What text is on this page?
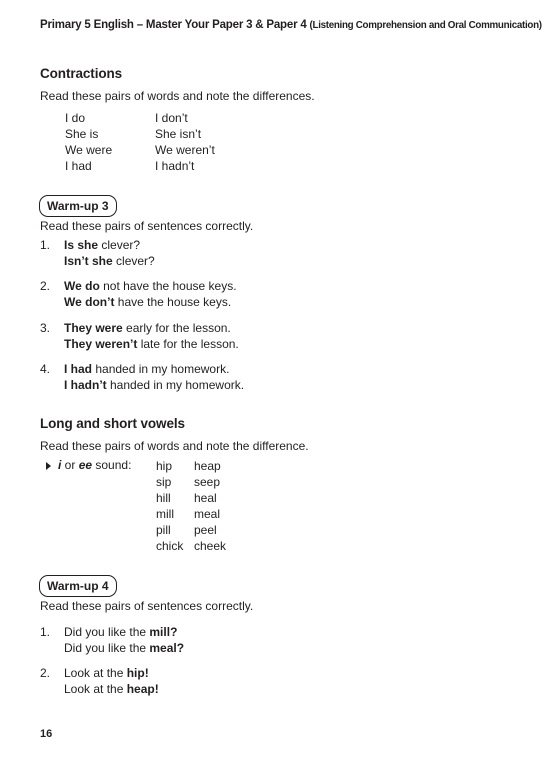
Primary 5 English – Master Your Paper 3 & Paper 4 (Listening Comprehension and Oral Communication)
Contractions
Read these pairs of words and note the differences.
I do
She is
We were
I had
I don’t
She isn’t
We weren’t
I hadn’t
Warm-up 3
Read these pairs of sentences correctly.
1. Is she clever?
Isn’t she clever?
2. We do not have the house keys.
We don’t have the house keys.
3. They were early for the lesson.
They weren’t late for the lesson.
4. I had handed in my homework.
I hadn’t handed in my homework.
Long and short vowels
Read these pairs of words and note the difference.
i or ee sound: hip
sip
hill
mill
pill
chick
heap
seep
heal
meal
peel
cheek
Warm-up 4
Read these pairs of sentences correctly.
1. Did you like the mill?
Did you like the meal?
2. Look at the hip!
Look at the heap!
16
